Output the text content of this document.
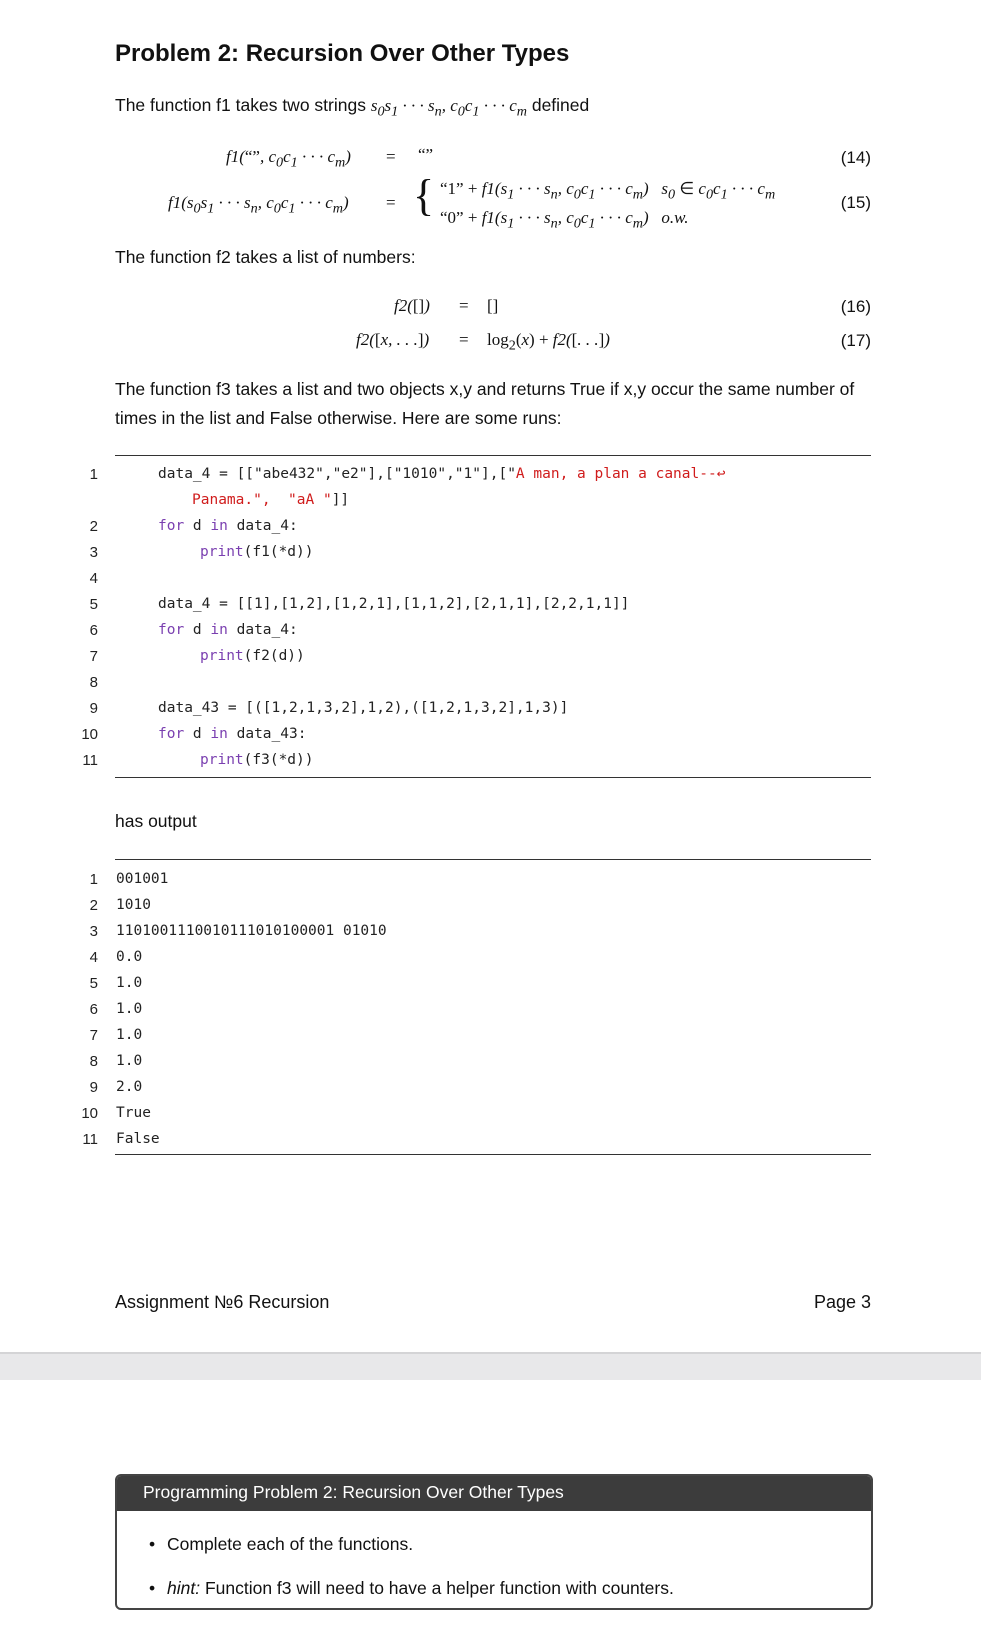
Problem 2: Recursion Over Other Types
The function f1 takes two strings $s_0s_1$ · · · $s_n$, $c_0c_1$ · · · $c_m$ defined
f1(“”, $c_0c_1$ · · · $c_m$) = “”	(14)
$f1(s_0s_1$ · · · $s_n$, $c_0c_1$ · · · $c_m$) = { “1” + $f1(s_1$ · · · $s_n$, $c_0c_1$ · · · $c_m$)   $s_0$ ∈ $c_0c_1$ · · · $c_m$
“0” + $f1(s_1$ · · · $s_n$, $c_0c_1$ · · · $c_m$)   o.w.
(15)
The function f2 takes a list of numbers:
f2([]) = []	(16)
f2([x, . . .]) = $\log_2(x) + f2$([. . .])	(17)
The function f3 takes a list and two objects x,y and returns True if x,y occur the same number of times in the list and False otherwise. Here are some runs:
1	data_4 = [["abe432","e2"],["1010","1"],["A man, a plan a canal--↩
Panama.",  "aA "]]
2	for d in data_4:
3	print(f1(*d))
4
5	data_4 = [[1],[1,2],[1,2,1],[1,1,2],[2,1,1],[2,2,1,1]]
6	for d in data_4:
7	print(f2(d))
8
9	data_43 = [([1,2,1,3,2],1,2),([1,2,1,3,2],1,3)]
10	for d in data_43:
11	print(f3(*d))
has output
1 001001
2 1010
3 1101001110010111010100001 01010
4 0.0
5 1.0
6 1.0
7 1.0
8 1.0
9 2.0
10 True
11 False
Assignment №6 Recursion	Page 3
Programming Problem 2: Recursion Over Other Types
• Complete each of the functions.
• hint: Function f3 will need to have a helper function with counters.
